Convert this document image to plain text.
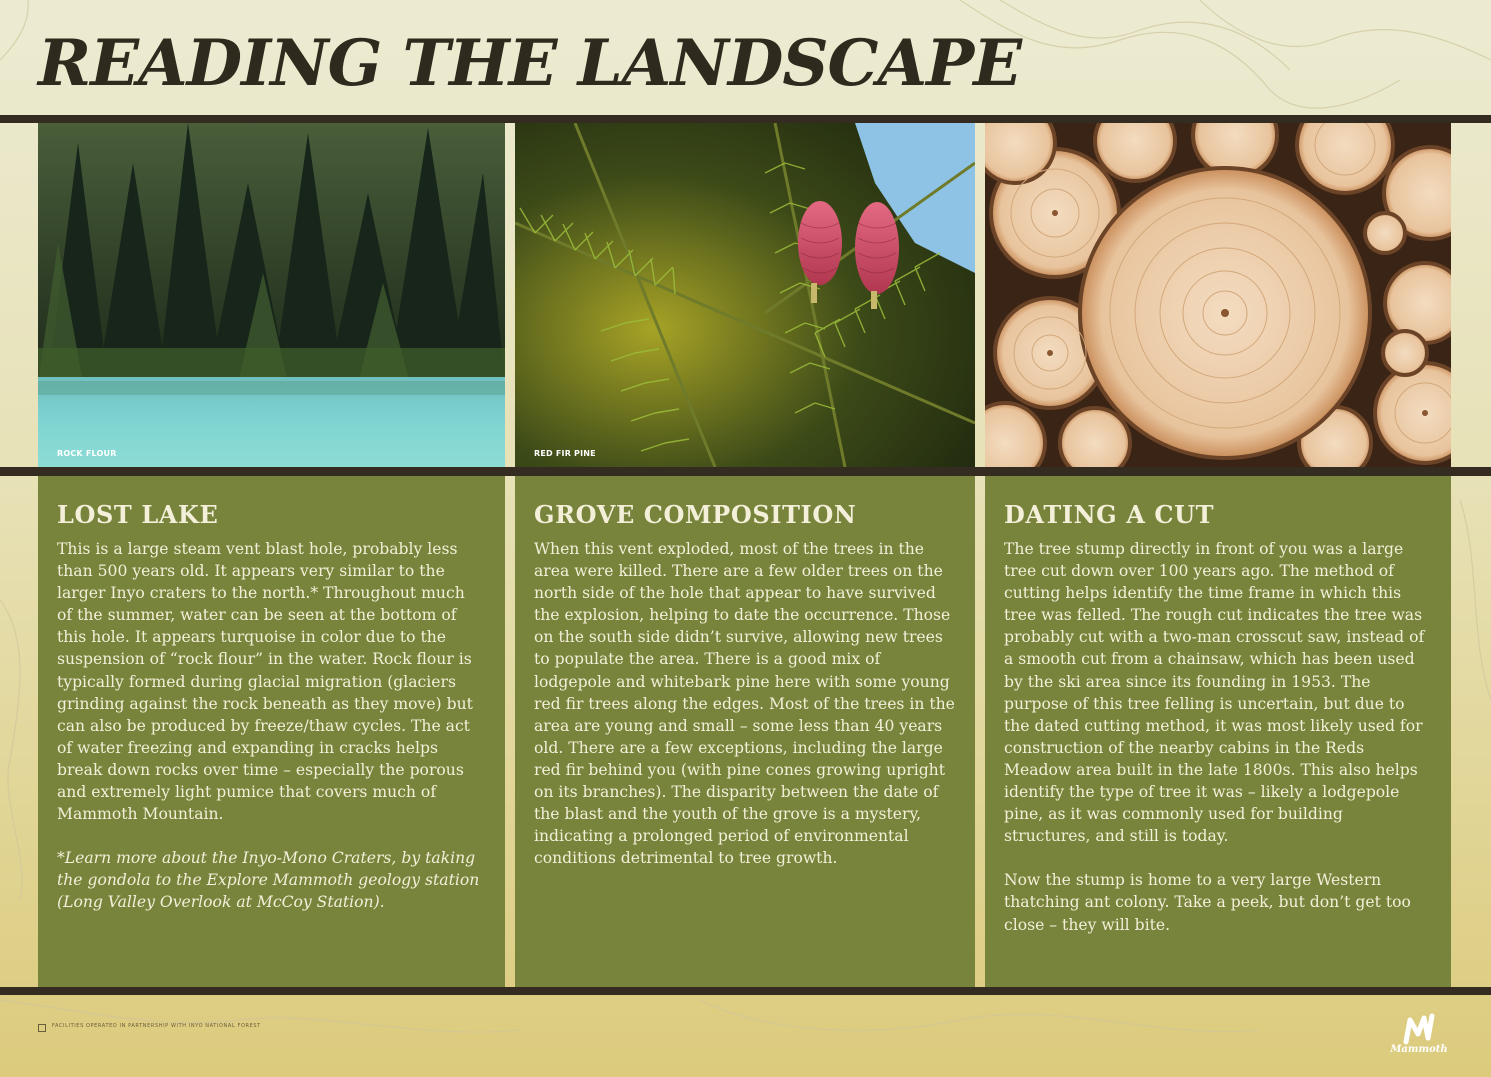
READING THE LANDSCAPE
ROCK FLOUR	RED FIR PINE
LOST LAKE

This is a large steam vent blast hole, probably less than 500 years old. It appears very similar to the larger Inyo craters to the north.* Throughout much of the summer, water can be seen at the bottom of this hole. It appears turquoise in color due to the suspension of “rock flour” in the water. Rock flour is typically formed during glacial migration (glaciers grinding against the rock beneath as they move) but can also be produced by freeze/thaw cycles. The act of water freezing and expanding in cracks helps break down rocks over time – especially the porous and extremely light pumice that covers much of Mammoth Mountain.

*Learn more about the Inyo-Mono Craters, by taking the gondola to the Explore Mammoth geology station (Long Valley Overlook at McCoy Station).

GROVE COMPOSITION

When this vent exploded, most of the trees in the area were killed. There are a few older trees on the north side of the hole that appear to have survived the explosion, helping to date the occurrence. Those on the south side didn’t survive, allowing new trees to populate the area. There is a good mix of lodgepole and whitebark pine here with some young red fir trees along the edges. Most of the trees in the area are young and small – some less than 40 years old. There are a few exceptions, including the large red fir behind you (with pine cones growing upright on its branches). The disparity between the date of the blast and the youth of the grove is a mystery, indicating a prolonged period of environmental conditions detrimental to tree growth.

DATING A CUT

The tree stump directly in front of you was a large tree cut down over 100 years ago. The method of cutting helps identify the time frame in which this tree was felled. The rough cut indicates the tree was probably cut with a two-man crosscut saw, instead of a smooth cut from a chainsaw, which has been used by the ski area since its founding in 1953. The purpose of this tree felling is uncertain, but due to the dated cutting method, it was most likely used for construction of the nearby cabins in the Reds Meadow area built in the late 1800s. This also helps identify the type of tree it was – likely a lodgepole pine, as it was commonly used for building structures, and still is today.

Now the stump is home to a very large Western thatching ant colony. Take a peek, but don’t get too close – they will bite.

FACILITIES OPERATED IN PARTNERSHIP WITH INYO NATIONAL FOREST
Mammoth
